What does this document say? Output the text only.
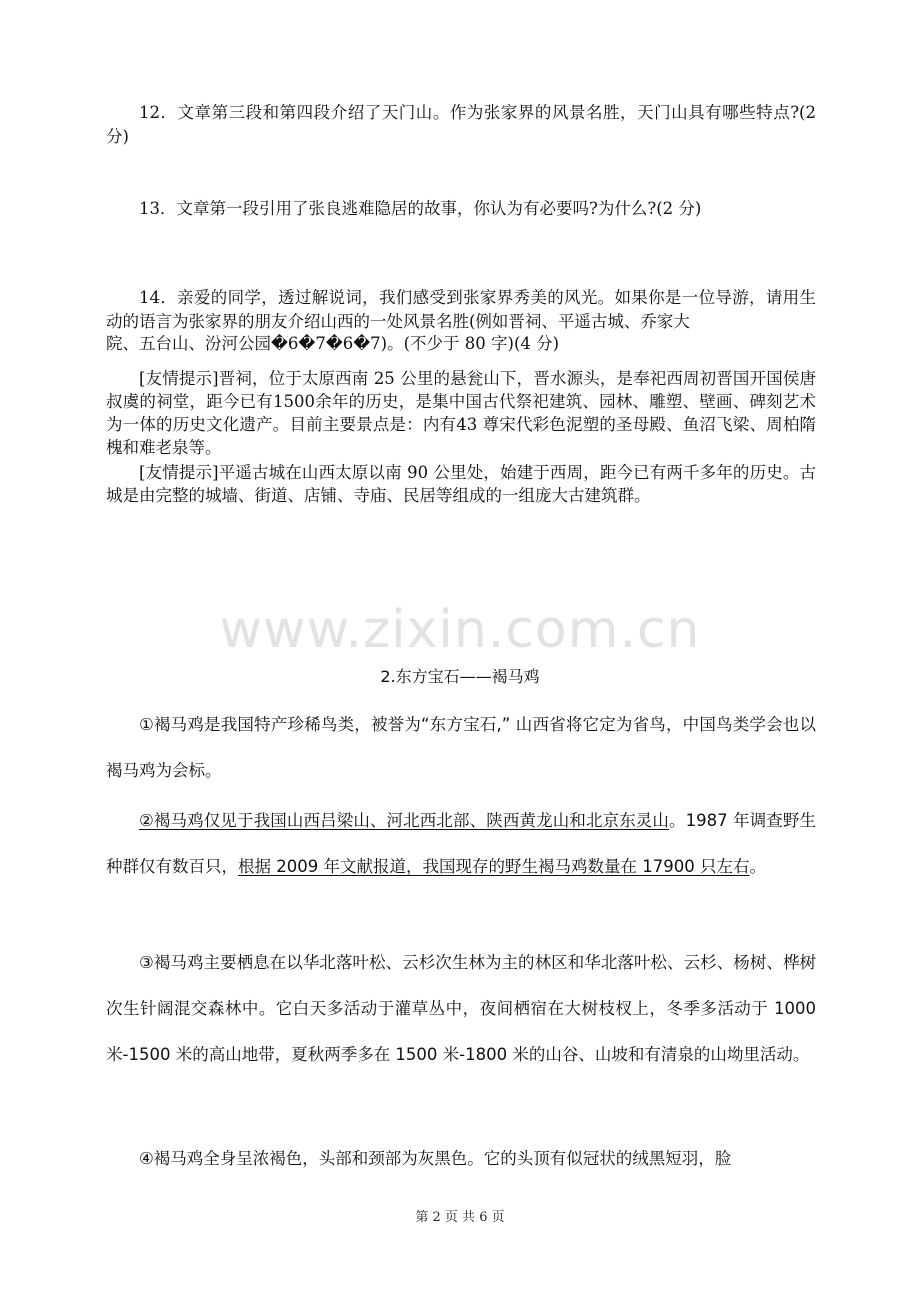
12．文章第三段和第四段介绍了天门山。作为张家界的风景名胜，天门山具有哪些特点?(2 分)

13．文章第一段引用了张良逃难隐居的故事，你认为有必要吗?为什么?(2 分)

14．亲爱的同学，透过解说词，我们感受到张家界秀美的风光。如果你是一位导游，请用生动的语言为张家界的朋友介绍山西的一处风景名胜(例如晋祠、平遥古城、乔家大

院、五台山、汾河公园�6�7�6�7)。(不少于 80 字)(4 分)

[友情提示]晋祠，位于太原西南 25 公里的悬瓮山下，晋水源头，是奉祀西周初晋国开国侯唐叔虞的祠堂，距今已有1500余年的历史，是集中国古代祭祀建筑、园林、雕塑、壁画、碑刻艺术为一体的历史文化遗产。目前主要景点是：内有43 尊宋代彩色泥塑的圣母殿、鱼沼飞梁、周柏隋槐和难老泉等。

[友情提示]平遥古城在山西太原以南 90 公里处，始建于西周，距今已有两千多年的历史。古城是由完整的城墙、街道、店铺、寺庙、民居等组成的一组庞大古建筑群。

www.zixin.com.cn
2.东方宝石——褐马鸡

①褐马鸡是我国特产珍稀鸟类，被誉为“东方宝石,” 山西省将它定为省鸟，中国鸟类学会也以褐马鸡为会标。

②褐马鸡仅见于我国山西吕梁山、河北西北部、陕西黄龙山和北京东灵山。1987 年调查野生种群仅有数百只，根据 2009 年文献报道，我国现存的野生褐马鸡数量在 17900 只左右。

③褐马鸡主要栖息在以华北落叶松、云杉次生林为主的林区和华北落叶松、云杉、杨树、桦树次生针阔混交森林中。它白天多活动于灌草丛中，夜间栖宿在大树枝杈上，冬季多活动于 1000 米-1500 米的高山地带，夏秋两季多在 1500 米-1800 米的山谷、山坡和有清泉的山坳里活动。

④褐马鸡全身呈浓褐色，头部和颈部为灰黑色。它的头顶有似冠状的绒黑短羽，脸

第 2 页 共 6 页
